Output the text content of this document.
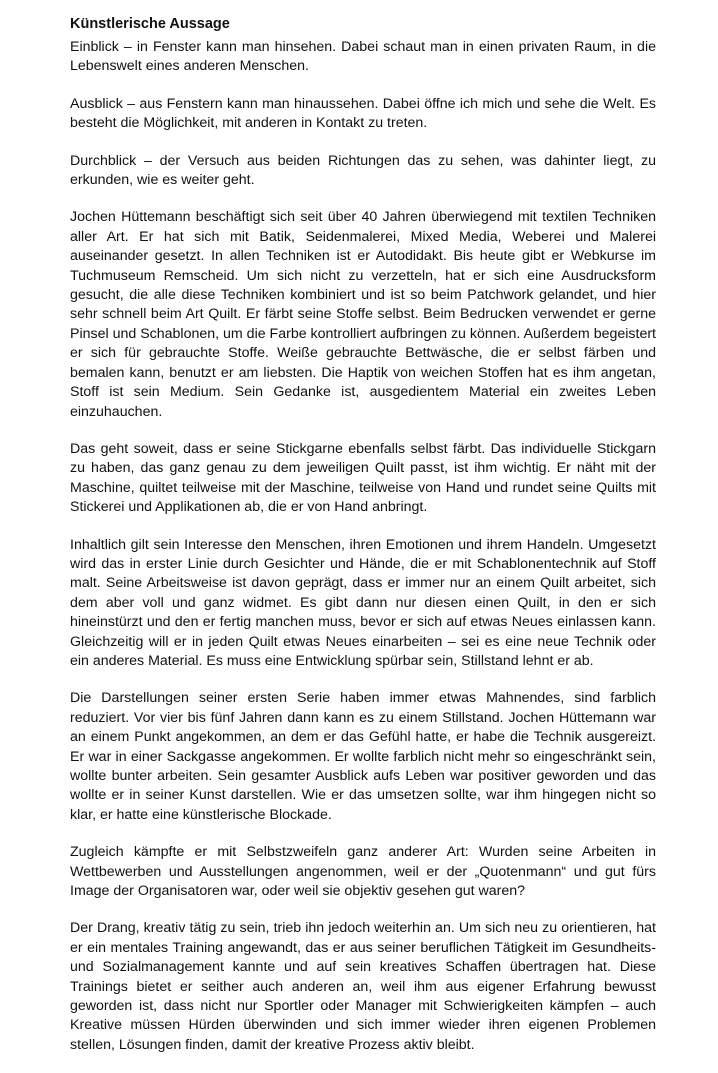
Künstlerische Aussage

Einblick – in Fenster kann man hinsehen. Dabei schaut man in einen privaten Raum, in die Lebenswelt eines anderen Menschen.

Ausblick – aus Fenstern kann man hinaussehen. Dabei öffne ich mich und sehe die Welt. Es besteht die Möglichkeit, mit anderen in Kontakt zu treten.

Durchblick – der Versuch aus beiden Richtungen das zu sehen, was dahinter liegt, zu erkunden, wie es weiter geht.

Jochen Hüttemann beschäftigt sich seit über 40 Jahren überwiegend mit textilen Techniken aller Art. Er hat sich mit Batik, Seidenmalerei, Mixed Media, Weberei und Malerei auseinander gesetzt. In allen Techniken ist er Autodidakt. Bis heute gibt er Webkurse im Tuchmuseum Remscheid. Um sich nicht zu verzetteln, hat er sich eine Ausdrucksform gesucht, die alle diese Techniken kombiniert und ist so beim Patchwork gelandet, und hier sehr schnell beim Art Quilt. Er färbt seine Stoffe selbst. Beim Bedrucken verwendet er gerne Pinsel und Schablonen, um die Farbe kontrolliert aufbringen zu können. Außerdem begeistert er sich für gebrauchte Stoffe. Weiße gebrauchte Bettwäsche, die er selbst färben und bemalen kann, benutzt er am liebsten. Die Haptik von weichen Stoffen hat es ihm angetan, Stoff ist sein Medium. Sein Gedanke ist, ausgedientem Material ein zweites Leben einzuhauchen.

Das geht soweit, dass er seine Stickgarne ebenfalls selbst färbt. Das individuelle Stickgarn zu haben, das ganz genau zu dem jeweiligen Quilt passt, ist ihm wichtig. Er näht mit der Maschine, quiltet teilweise mit der Maschine, teilweise von Hand und rundet seine Quilts mit Stickerei und Applikationen ab, die er von Hand anbringt.

Inhaltlich gilt sein Interesse den Menschen, ihren Emotionen und ihrem Handeln. Umgesetzt wird das in erster Linie durch Gesichter und Hände, die er mit Schablonentechnik auf Stoff malt. Seine Arbeitsweise ist davon geprägt, dass er immer nur an einem Quilt arbeitet, sich dem aber voll und ganz widmet. Es gibt dann nur diesen einen Quilt, in den er sich hineinstürzt und den er fertig manchen muss, bevor er sich auf etwas Neues einlassen kann. Gleichzeitig will er in jeden Quilt etwas Neues einarbeiten – sei es eine neue Technik oder ein anderes Material. Es muss eine Entwicklung spürbar sein, Stillstand lehnt er ab.

Die Darstellungen seiner ersten Serie haben immer etwas Mahnendes, sind farblich reduziert. Vor vier bis fünf Jahren dann kann es zu einem Stillstand. Jochen Hüttemann war an einem Punkt angekommen, an dem er das Gefühl hatte, er habe die Technik ausgereizt. Er war in einer Sackgasse angekommen. Er wollte farblich nicht mehr so eingeschränkt sein, wollte bunter arbeiten. Sein gesamter Ausblick aufs Leben war positiver geworden und das wollte er in seiner Kunst darstellen. Wie er das umsetzen sollte, war ihm hingegen nicht so klar, er hatte eine künstlerische Blockade.

Zugleich kämpfte er mit Selbstzweifeln ganz anderer Art: Wurden seine Arbeiten in Wettbewerben und Ausstellungen angenommen, weil er der „Quotenmann“ und gut fürs Image der Organisatoren war, oder weil sie objektiv gesehen gut waren?

Der Drang, kreativ tätig zu sein, trieb ihn jedoch weiterhin an. Um sich neu zu orientieren, hat er ein mentales Training angewandt, das er aus seiner beruflichen Tätigkeit im Gesundheits- und Sozialmanagement kannte und auf sein kreatives Schaffen übertragen hat. Diese Trainings bietet er seither auch anderen an, weil ihm aus eigener Erfahrung bewusst geworden ist, dass nicht nur Sportler oder Manager mit Schwierigkeiten kämpfen – auch Kreative müssen Hürden überwinden und sich immer wieder ihren eigenen Problemen stellen, Lösungen finden, damit der kreative Prozess aktiv bleibt.
